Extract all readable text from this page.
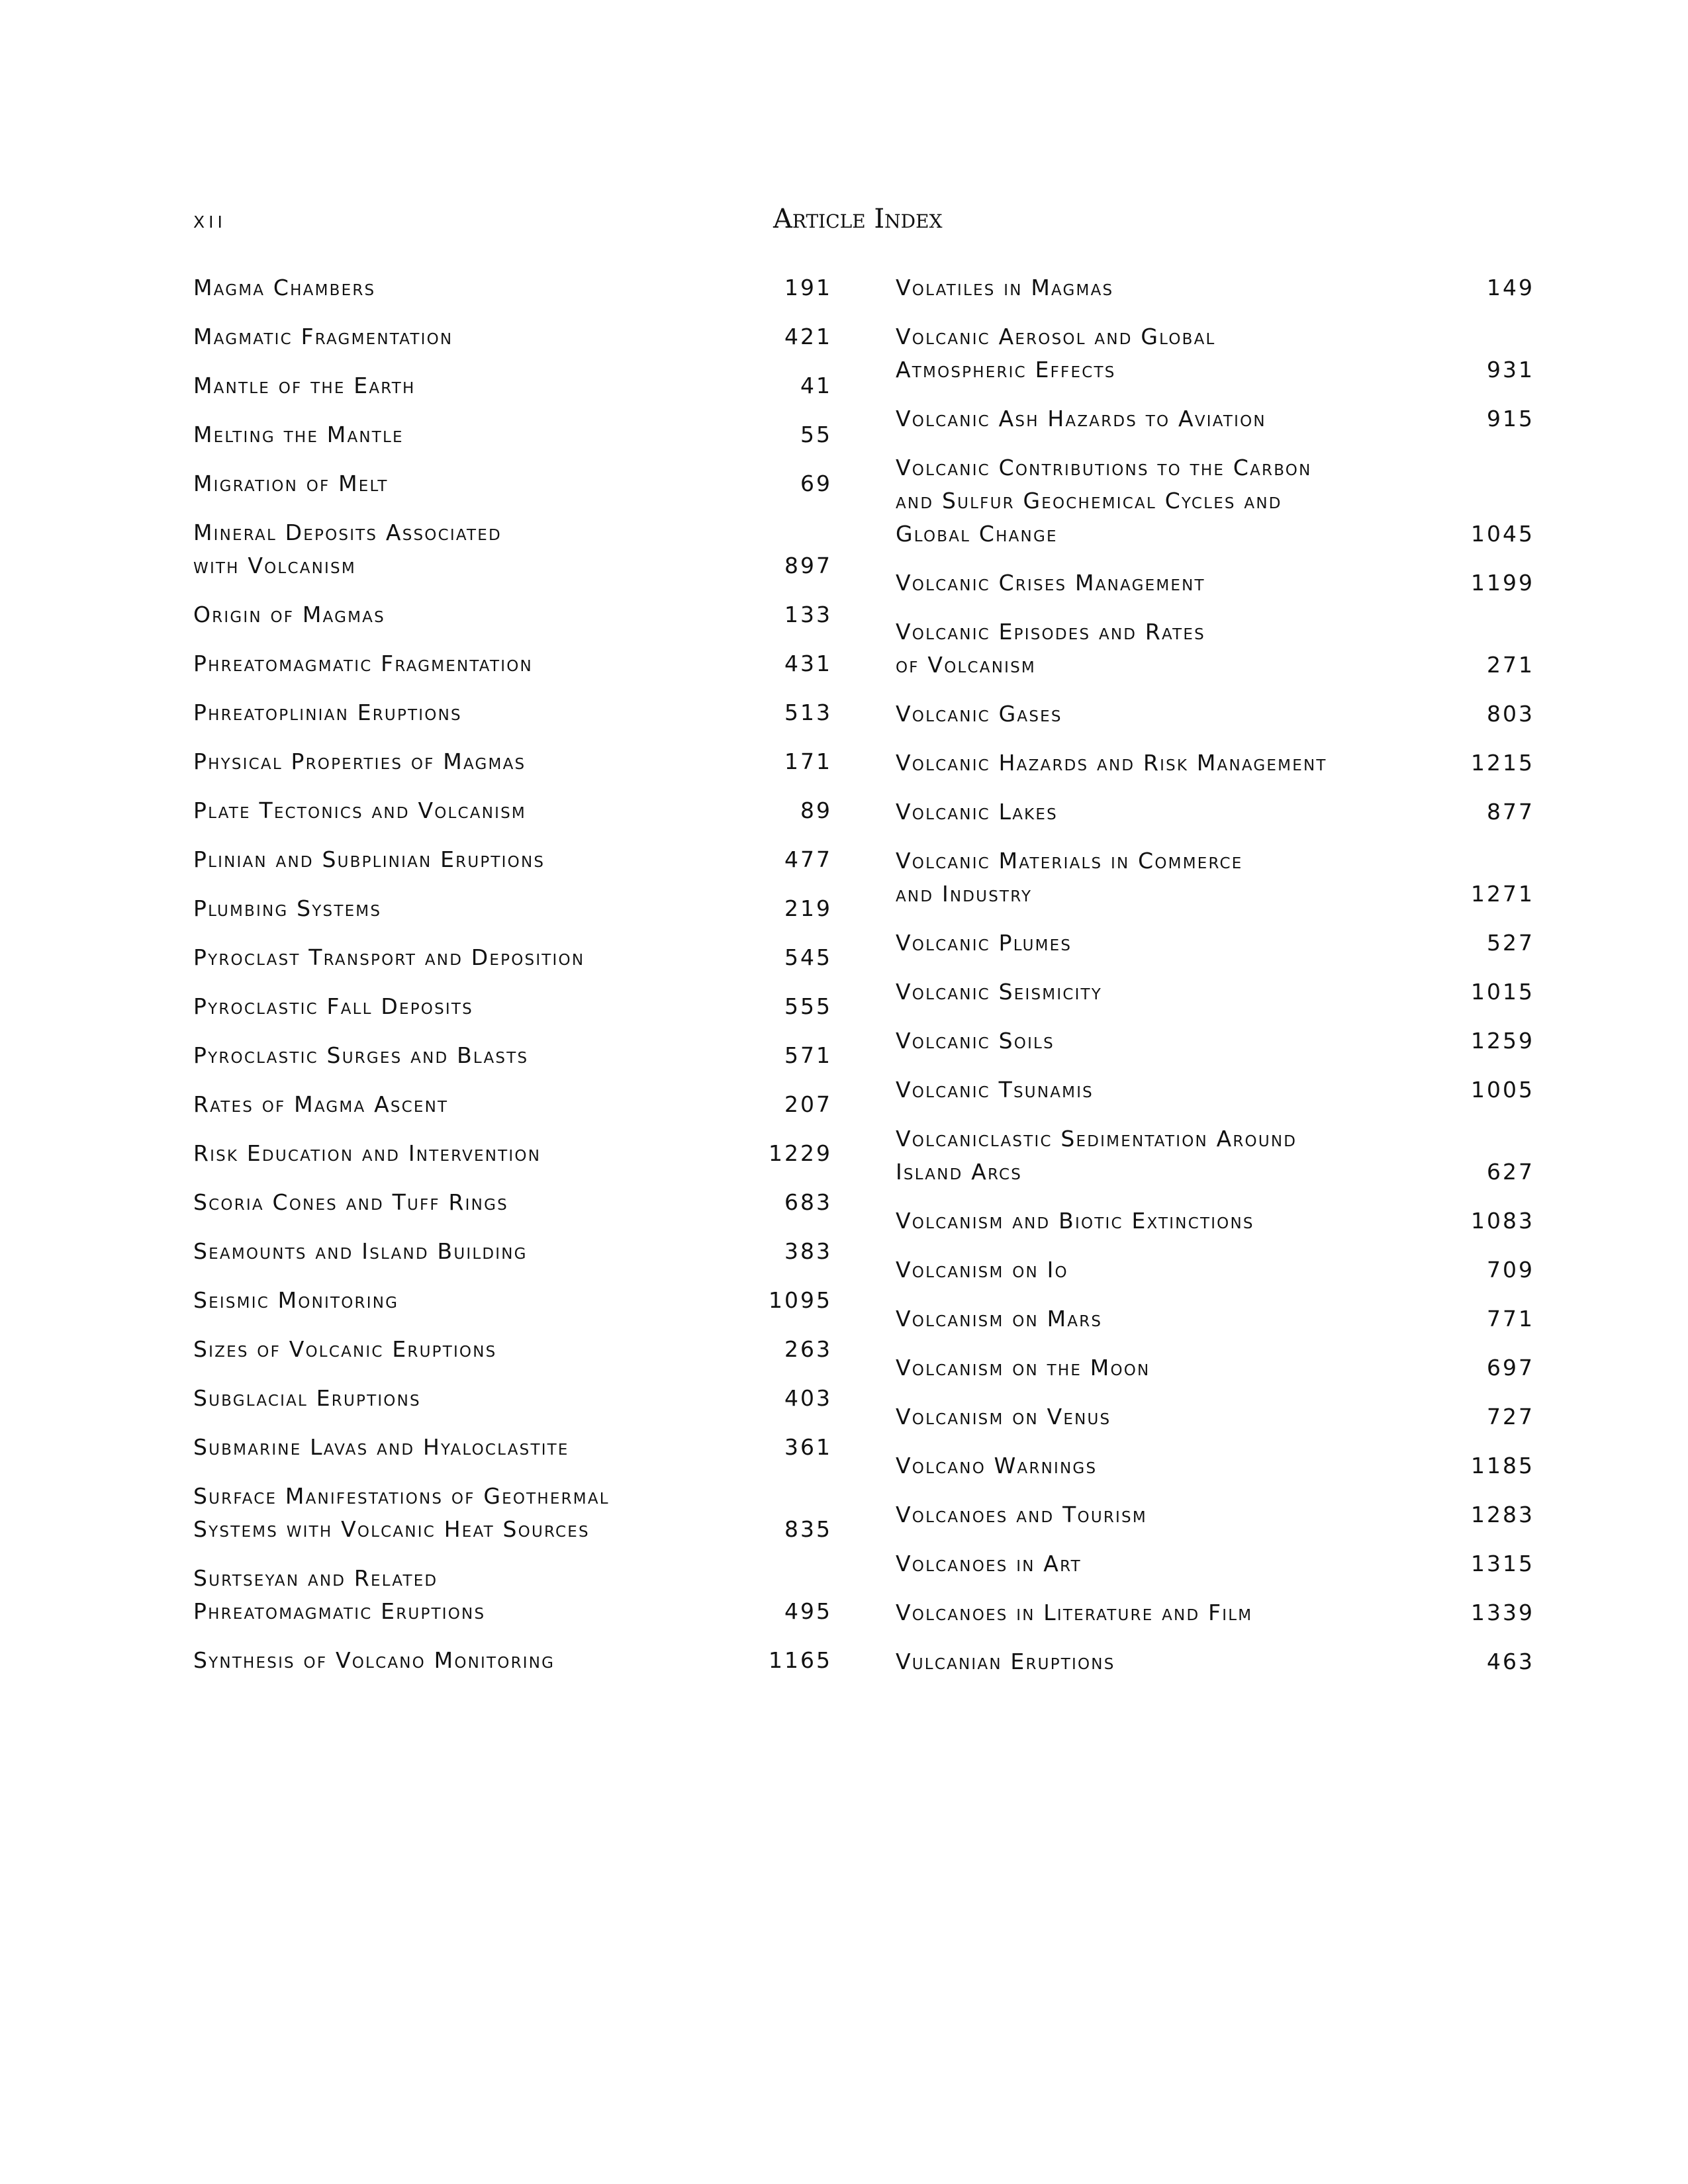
xii	Article Index
Magma Chambers	191
Magmatic Fragmentation	421
Mantle of the Earth	41
Melting the Mantle	55
Migration of Melt	69
Mineral Deposits Associated
with Volcanism	897
Origin of Magmas	133
Phreatomagmatic Fragmentation	431
Phreatoplinian Eruptions	513
Physical Properties of Magmas	171
Plate Tectonics and Volcanism	89
Plinian and Subplinian Eruptions	477
Plumbing Systems	219
Pyroclast Transport and Deposition	545
Pyroclastic Fall Deposits	555
Pyroclastic Surges and Blasts	571
Rates of Magma Ascent	207
Risk Education and Intervention	1229
Scoria Cones and Tuff Rings	683
Seamounts and Island Building	383
Seismic Monitoring	1095
Sizes of Volcanic Eruptions	263
Subglacial Eruptions	403
Submarine Lavas and Hyaloclastite	361
Surface Manifestations of Geothermal
Systems with Volcanic Heat Sources	835
Surtseyan and Related
Phreatomagmatic Eruptions	495
Synthesis of Volcano Monitoring	1165
Volatiles in Magmas	149
Volcanic Aerosol and Global
Atmospheric Effects	931
Volcanic Ash Hazards to Aviation	915
Volcanic Contributions to the Carbon
and Sulfur Geochemical Cycles and
Global Change	1045
Volcanic Crises Management	1199
Volcanic Episodes and Rates
of Volcanism	271
Volcanic Gases	803
Volcanic Hazards and Risk Management	1215
Volcanic Lakes	877
Volcanic Materials in Commerce
and Industry	1271
Volcanic Plumes	527
Volcanic Seismicity	1015
Volcanic Soils	1259
Volcanic Tsunamis	1005
Volcaniclastic Sedimentation Around
Island Arcs	627
Volcanism and Biotic Extinctions	1083
Volcanism on Io	709
Volcanism on Mars	771
Volcanism on the Moon	697
Volcanism on Venus	727
Volcano Warnings	1185
Volcanoes and Tourism	1283
Volcanoes in Art	1315
Volcanoes in Literature and Film	1339
Vulcanian Eruptions	463
